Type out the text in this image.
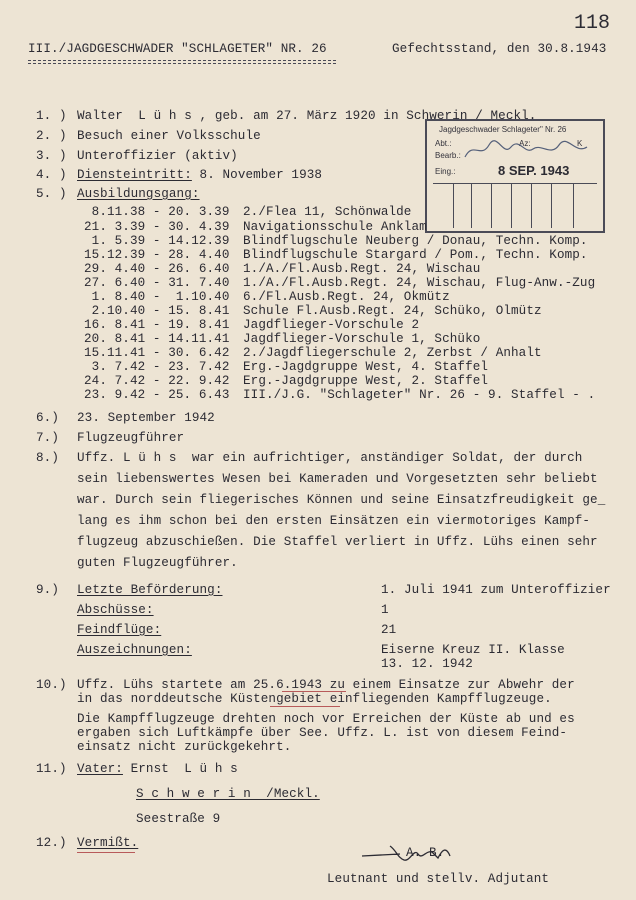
118
III./JAGDGESCHWADER "SCHLAGETER" NR. 26	Gefechtsstand, den 30.8.1943
Jagdgeschwader Schlageter" Nr. 26
Abt.:	Az:	K
Bearb.:
Eing.:	8 SEP. 1943
1. ) Walter  L ü h s , geb. am 27. März 1920 in Schwerin / Meckl.
2. ) Besuch einer Volksschule
3. ) Unteroffizier (aktiv)
4. ) Diensteintritt: 8. November 1938
5. ) Ausbildungsgang:
8.11.38 - 20. 3.39 2./Flea 11, Schönwalde
21. 3.39 - 30. 4.39 Navigationsschule Anklam
1. 5.39 - 14.12.39 Blindflugschule Neuberg / Donau, Techn. Komp.
15.12.39 - 28. 4.40 Blindflugschule Stargard / Pom., Techn. Komp.
29. 4.40 - 26. 6.40 1./A./Fl.Ausb.Regt. 24, Wischau
27. 6.40 - 31. 7.40 1./A./Fl.Ausb.Regt. 24, Wischau, Flug-Anw.-Zug
1. 8.40 -  1.10.40 6./Fl.Ausb.Regt. 24, Okmütz
2.10.40 - 15. 8.41 Schule Fl.Ausb.Regt. 24, Schüko, Olmütz
16. 8.41 - 19. 8.41 Jagdflieger-Vorschule 2
20. 8.41 - 14.11.41 Jagdflieger-Vorschule 1, Schüko
15.11.41 - 30. 6.42 2./Jagdfliegerschule 2, Zerbst / Anhalt
3. 7.42 - 23. 7.42 Erg.-Jagdgruppe West, 4. Staffel
24. 7.42 - 22. 9.42 Erg.-Jagdgruppe West, 2. Staffel
23. 9.42 - 25. 6.43 III./J.G. "Schlageter" Nr. 26 - 9. Staffel - .
6.) 23. September 1942
7.) Flugzeugführer
8.) Uffz. L ü h s  war ein aufrichtiger, anständiger Soldat, der durch
sein liebenswertes Wesen bei Kameraden und Vorgesetzten sehr beliebt
war. Durch sein fliegerisches Können und seine Einsatzfreudigkeit ge_
lang es ihm schon bei den ersten Einsätzen ein viermotoriges Kampf-
flugzeug abzuschießen. Die Staffel verliert in Uffz. Lühs einen sehr
guten Flugzeugführer.
9.) Letzte Beförderung:	1. Juli 1941 zum Unteroffizier
Abschüsse:	1
Feindflüge:	21
Auszeichnungen:	Eiserne Kreuz II. Klasse
13. 12. 1942
10.) Uffz. Lühs startete am 25.6.1943 zu einem Einsatze zur Abwehr der
in das norddeutsche Küstengebiet einfliegenden Kampfflugzeuge.
Die Kampfflugzeuge drehten noch vor Erreichen der Küste ab und es
ergaben sich Luftkämpfe über See. Uffz. L. ist von diesem Feind-
einsatz nicht zurückgekehrt.
11.) Vater: Ernst  L ü h s
S c h w e r i n  /Meckl.
Seestraße 9
12.) Vermißt.
A. B.
Leutnant und stellv. Adjutant
